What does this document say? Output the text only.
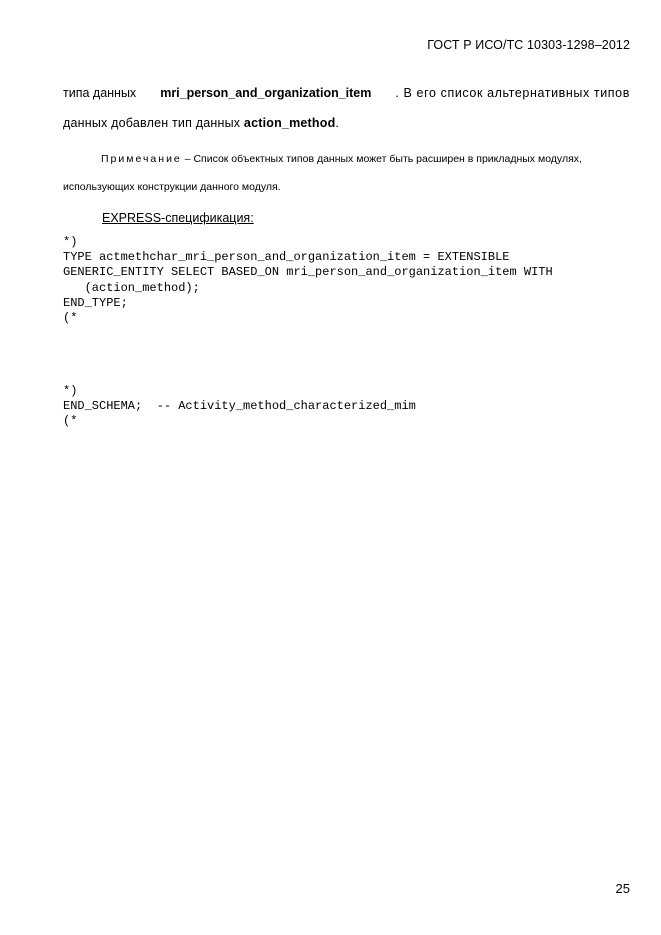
ГОСТ Р ИСО/ТС 10303-1298–2012
типа данных mri_person_and_organization_item . В его список альтернативных типов
данных добавлен тип данных action_method.
Примечание – Список объектных типов данных может быть расширен в прикладных модулях,
использующих конструкции данного модуля.
EXPRESS-спецификация:
*)
TYPE actmethchar_mri_person_and_organization_item = EXTENSIBLE
GENERIC_ENTITY SELECT BASED_ON mri_person_and_organization_item WITH
(action_method);
END_TYPE;
(*
*)
END_SCHEMA;  -- Activity_method_characterized_mim
(*
25
